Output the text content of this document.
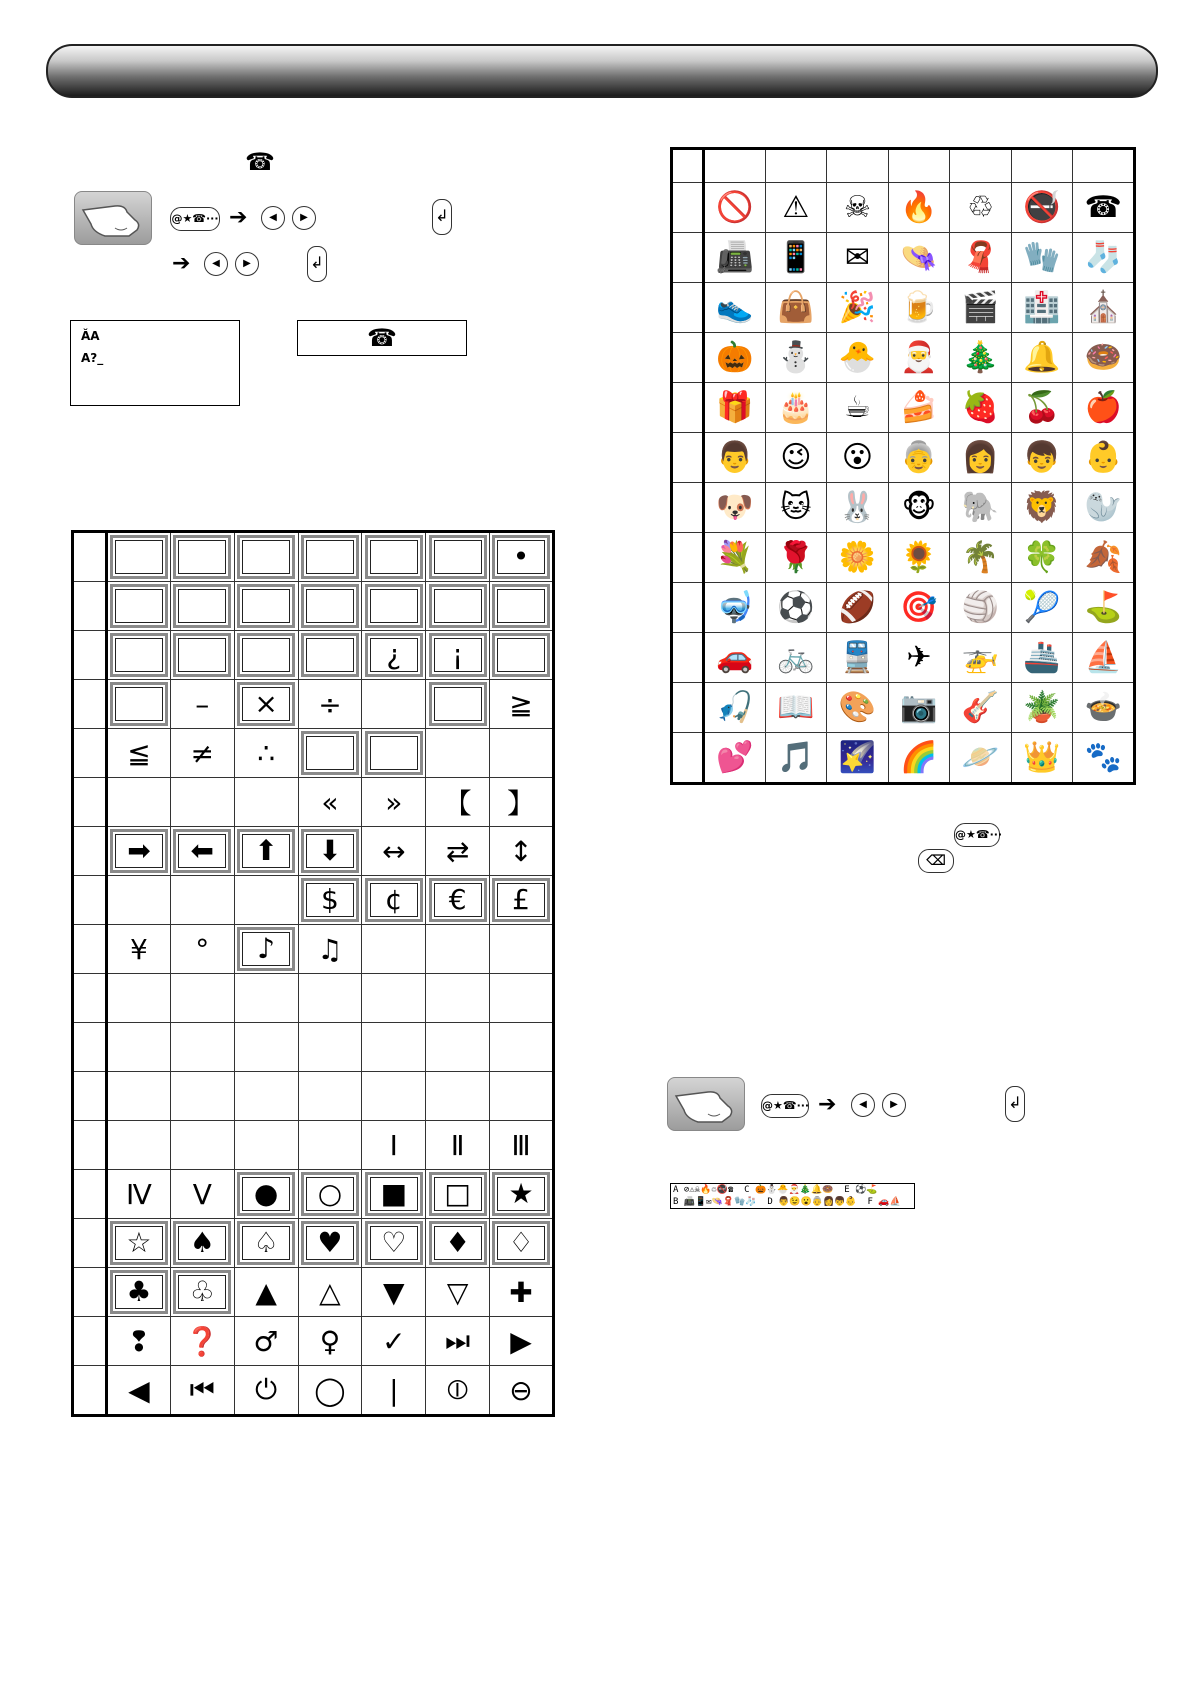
☎
@★☎··· ➔	◀	▶	↲
➔	◀	▶	↲
ǍA
A?_
☎

							•

					¿	¡	

	–	×	÷			≧
	≦	≠	∴	

				«	»	【	】

	➡	⬅	⬆	⬇	↔	⇄	↕

				$	¢	€	£

	¥	°	♪	♫			

					Ⅰ	Ⅱ	Ⅲ
	Ⅳ	Ⅴ	●	○	■	□	★

	☆	♠	♤	♥	♡	♦	♢

	♣	♧	▲	△	▼	▽	✚
	❢	❓	♂	♀	✓	⏭	▶
	◀	⏮	⏻	◯	|	⦶	⊖

	🚫	⚠	☠	🔥	♲	🚭	☎
	📠	📱	✉	👒	🧣	🧤	🧦
	👟	👜	🎉	🍺	🎬	🏥	⛪
	🎃	⛄	🐣	🎅	🎄	🔔	🍩
	🎁	🎂	☕	🍰	🍓	🍒	🍎
	👨	😉	😮	👵	👩	👦	👶
	🐶	🐱	🐰	🐵	🐘	🦁	🦭
	💐	🌹	🌼	🌻	🌴	🍀	🍂
	🤿	⚽	🏈	🎯	🏐	🎾	⛳
	🚗	🚲	🚆	✈	🚁	🚢	⛵
	🎣	📖	🎨	📷	🎸	🪴	🍲
	💕	🎵	🌠	🌈	🪐	👑	🐾
@★☎···
⌫
@★☎··· ➔	◀	▶	↲
A ⊘⚠☠🔥♲🚭☎  C 🎃⛄🐣🎅🎄🔔🍩  E ⚽⛳
B 📠📱✉👒🧣🧤🧦  D 👨😉😮👵👩👦👶  F 🚗⛵
